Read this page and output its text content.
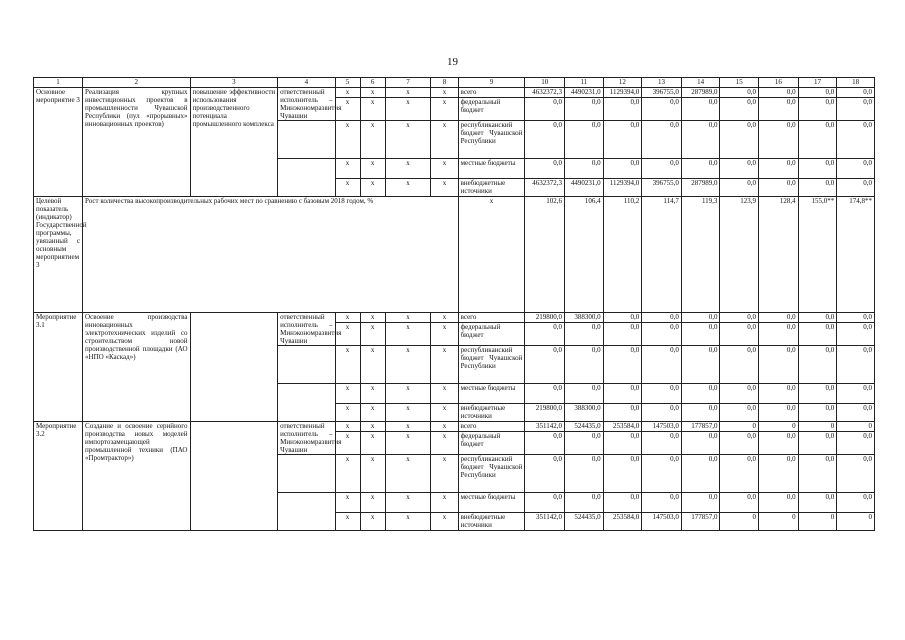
19
1	2	3	4	5	6	7	8	9	10	11	12	13	14	15	16	17	18
Основное мероприятие 3	Реализация крупных инвестиционных проектов в промышленности Чувашской Республики (пул «прорывных» инновационных проектов)	повышение эффективности использования производственного потенциала промышленного комплекса	ответственный исполнитель – Минэкономразвития Чувашии	x	x	x	x	всего	4632372,3	4490231,0	1129394,0	396755,0	287989,0	0,0	0,0	0,0	0,0
				x	x	x	x	федеральный бюджет	0,0	0,0	0,0	0,0	0,0	0,0	0,0	0,0	0,0
				x	x	x	x	республиканский бюджет Чувашской Республики	0,0	0,0	0,0	0,0	0,0	0,0	0,0	0,0	0,0
				x	x	x	x	местные бюджеты	0,0	0,0	0,0	0,0	0,0	0,0	0,0	0,0	0,0
				x	x	x	x	внебюджетные источники	4632372,3	4490231,0	1129394,0	396755,0	287989,0	0,0	0,0	0,0	0,0
Целевой показатель (индикатор) Государственной программы, увязанный с основным мероприятием 3	Рост количества высокопроизводительных рабочих мест по сравнению с базовым 2018 годом, %							x	102,6	106,4	110,2	114,7	119,3	123,9	128,4	155,0**	174,8**
Мероприятие 3.1	Освоение производства инновационных электротехнических изделий со строительством новой производственной площадки (АО «НПО «Каскад»)		ответственный исполнитель – Минэкономразвития Чувашии	x	x	x	x	всего	219800,0	388300,0	0,0	0,0	0,0	0,0	0,0	0,0	0,0
				x	x	x	x	федеральный бюджет	0,0	0,0	0,0	0,0	0,0	0,0	0,0	0,0	0,0
				x	x	x	x	республиканский бюджет Чувашской Республики	0,0	0,0	0,0	0,0	0,0	0,0	0,0	0,0	0,0
				x	x	x	x	местные бюджеты	0,0	0,0	0,0	0,0	0,0	0,0	0,0	0,0	0,0
				x	x	x	x	внебюджетные источники	219800,0	388300,0	0,0	0,0	0,0	0,0	0,0	0,0	0,0
Мероприятие 3.2	Создание и освоение серийного производства новых моделей импортозамещающей промышленной техники (ПАО «Промтрактор»)		ответственный исполнитель – Минэкономразвития Чувашии	x	x	x	x	всего	351142,0	524435,0	253584,0	147503,0	177857,0	0	0	0	0
				x	x	x	x	федеральный бюджет	0,0	0,0	0,0	0,0	0,0	0,0	0,0	0,0	0,0
				x	x	x	x	республиканский бюджет Чувашской Республики	0,0	0,0	0,0	0,0	0,0	0,0	0,0	0,0	0,0
				x	x	x	x	местные бюджеты	0,0	0,0	0,0	0,0	0,0	0,0	0,0	0,0	0,0
				x	x	x	x	внебюджетные источники	351142,0	524435,0	253584,0	147503,0	177857,0	0	0	0	0
